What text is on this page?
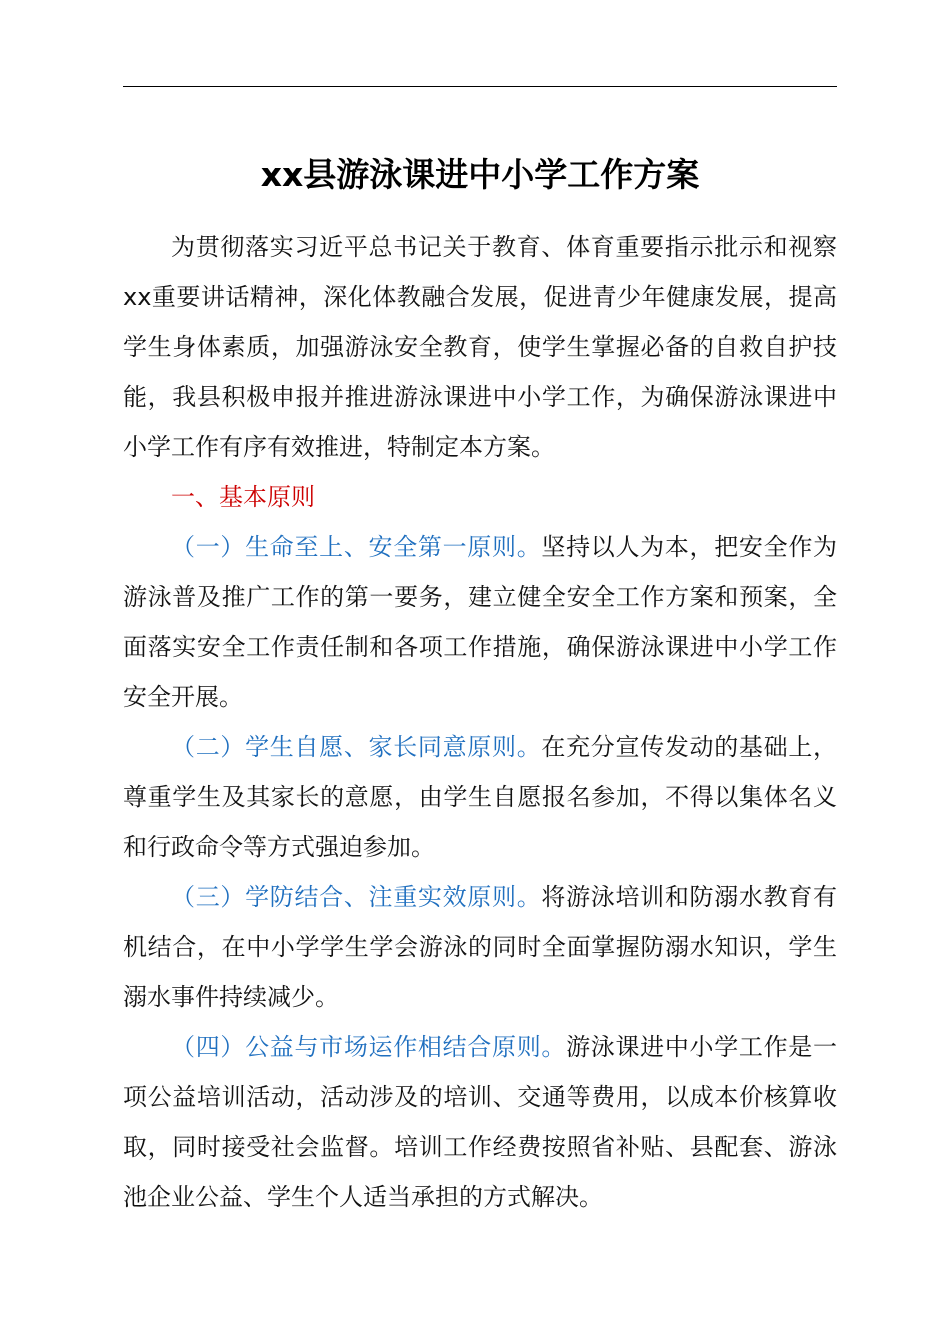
xx县游泳课进中小学工作方案

为贯彻落实习近平总书记关于教育、体育重要指示批示和视察xx重要讲话精神，深化体教融合发展，促进青少年健康发展，提高学生身体素质，加强游泳安全教育，使学生掌握必备的自救自护技能，我县积极申报并推进游泳课进中小学工作，为确保游泳课进中小学工作有序有效推进，特制定本方案。

一、基本原则

（一）生命至上、安全第一原则。坚持以人为本，把安全作为游泳普及推广工作的第一要务，建立健全安全工作方案和预案，全面落实安全工作责任制和各项工作措施，确保游泳课进中小学工作安全开展。

（二）学生自愿、家长同意原则。在充分宣传发动的基础上，尊重学生及其家长的意愿，由学生自愿报名参加，不得以集体名义和行政命令等方式强迫参加。

（三）学防结合、注重实效原则。将游泳培训和防溺水教育有机结合，在中小学学生学会游泳的同时全面掌握防溺水知识，学生溺水事件持续减少。

（四）公益与市场运作相结合原则。游泳课进中小学工作是一项公益培训活动，活动涉及的培训、交通等费用，以成本价核算收取，同时接受社会监督。培训工作经费按照省补贴、县配套、游泳池企业公益、学生个人适当承担的方式解决。
